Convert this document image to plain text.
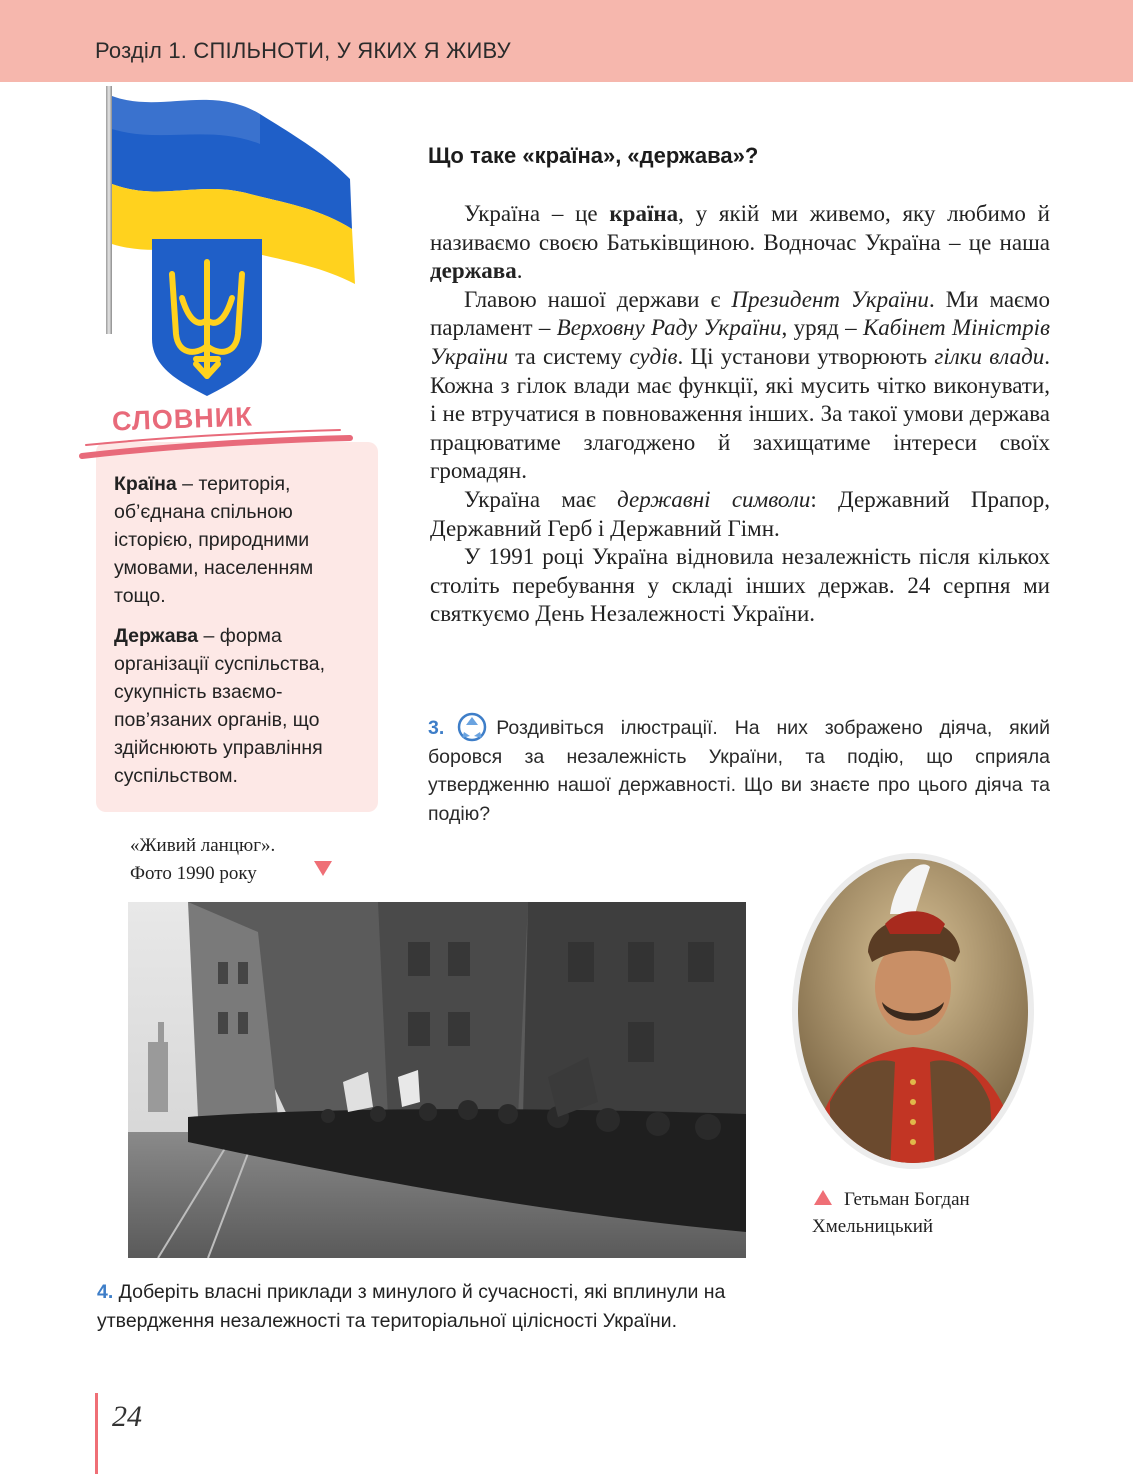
Розділ 1. СПІЛЬНОТИ, У ЯКИХ Я ЖИВУ
СЛОВНИК
Країна – територія, об’єднана спільною історією, природними умовами, населенням тощо.
Держава – форма організації суспільства, сукупність взаємопов’язаних органів, що здійснюють управління суспільством.
Що таке «країна», «держава»?

Україна – це країна, у якій ми живемо, яку любимо й називаємо своєю Батьківщиною. Водночас Україна – це наша держава.

Главою нашої держави є Президент України. Ми маємо парламент – Верховну Раду України, уряд – Кабінет Міністрів України та систему судів. Ці установи утворюють гілки влади. Кожна з гілок влади має функції, які мусить чітко виконувати, і не втручатися в повноваження інших. За такої умови держава працюватиме злагоджено й захищатиме інтереси своїх громадян.

Україна має державні символи: Державний Прапор, Державний Герб і Державний Гімн.

У 1991 році Україна відновила незалежність після кількох століть перебування у складі інших держав. 24 серпня ми святкуємо День Незалежності України.

3.	Роздивіться ілюстрації. На них зображено діяча, який боровся за незалежність України, та подію, що сприяла утвердженню нашої державності. Що ви знаєте про цього діяча та подію?
«Живий ланцюг».
Фото 1990 року
Гетьман Богдан
Хмельницький
4. Доберіть власні приклади з минулого й сучасності, які вплинули на утвердження незалежності та територіальної цілісності України.
24
